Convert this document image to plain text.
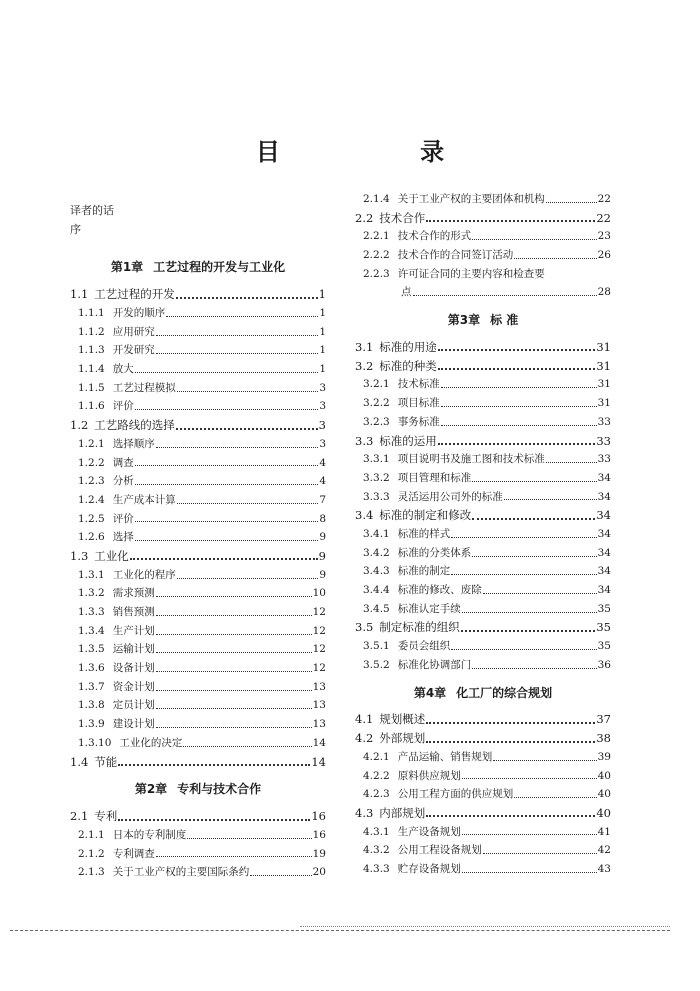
目 录
译者的话
序
第1章 工艺过程的开发与工业化
1.1 工艺过程的开发	1
1.1.1 开发的顺序	1
1.1.2 应用研究	1
1.1.3 开发研究	1
1.1.4 放大	1
1.1.5 工艺过程模拟	3
1.1.6 评价	3
1.2 工艺路线的选择	3
1.2.1 选择顺序	3
1.2.2 调查	4
1.2.3 分析	4
1.2.4 生产成本计算	7
1.2.5 评价	8
1.2.6 选择	9
1.3 工业化	9
1.3.1 工业化的程序	9
1.3.2 需求预测	10
1.3.3 销售预测	12
1.3.4 生产计划	12
1.3.5 运输计划	12
1.3.6 设备计划	12
1.3.7 资金计划	13
1.3.8 定员计划	13
1.3.9 建设计划	13
1.3.10 工业化的决定	14
1.4 节能	14
第2章 专利与技术合作
2.1 专利	16
2.1.1 日本的专利制度	16
2.1.2 专利调查	19
2.1.3 关于工业产权的主要国际条约	20
2.1.4 关于工业产权的主要团体和机构	22
2.2 技术合作	22
2.2.1 技术合作的形式	23
2.2.2 技术合作的合同签订活动	26
2.2.3 许可证合同的主要内容和检查要
点	28
第3章 标 准
3.1 标准的用途	31
3.2 标准的种类	31
3.2.1 技术标准	31
3.2.2 项目标准	31
3.2.3 事务标准	33
3.3 标准的运用	33
3.3.1 项目说明书及施工图和技术标准	33
3.3.2 项目管理和标准	34
3.3.3 灵活运用公司外的标准	34
3.4 标准的制定和修改	34
3.4.1 标准的样式	34
3.4.2 标准的分类体系	34
3.4.3 标准的制定	34
3.4.4 标准的修改、废除	34
3.4.5 标准认定手续	35
3.5 制定标准的组织	35
3.5.1 委员会组织	35
3.5.2 标准化协调部门	36
第4章 化工厂的综合规划
4.1 规划概述	37
4.2 外部规划	38
4.2.1 产品运输、销售规划	39
4.2.2 原料供应规划	40
4.2.3 公用工程方面的供应规划	40
4.3 内部规划	40
4.3.1 生产设备规划	41
4.3.2 公用工程设备规划	42
4.3.3 贮存设备规划	43
